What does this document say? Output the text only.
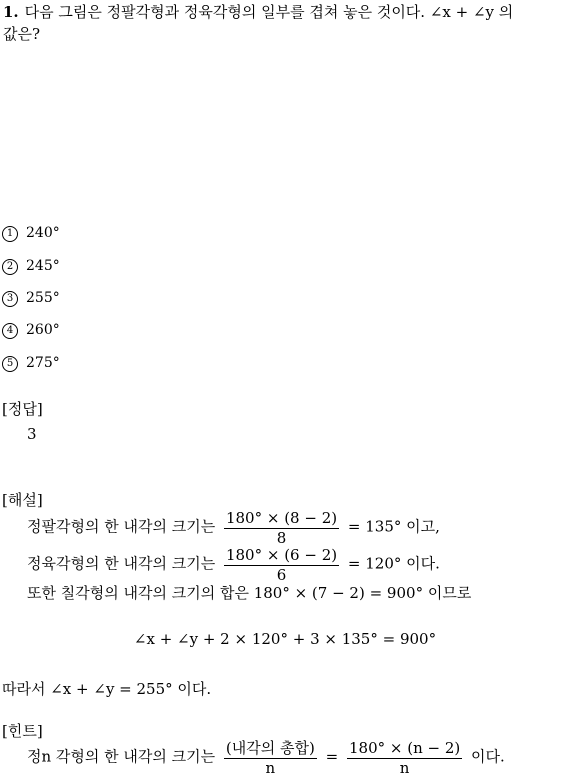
1. 다음 그림은 정팔각형과 정육각형의 일부를 겹쳐 놓은 것이다. ∠x + ∠y 의
값은?
1 240°
2 245°
3 255°
4 260°
5 275°
[정답]
3
[해설]
정팔각형의 한 내각의 크기는 $\frac{180^\circ \times (8 - 2)}{8} = 135^\circ$ 이고,
정육각형의 한 내각의 크기는 $\frac{180^\circ \times (6 - 2)}{6} = 120^\circ$ 이다.
또한 칠각형의 내각의 크기의 합은 180° × (7 − 2) = 900° 이므로
∠x + ∠y + 2 × 120° + 3 × 135° = 900°
따라서 ∠x + ∠y = 255° 이다.
[힌트]
정n 각형의 한 내각의 크기는 $\frac{\text{(내각의 총합)}}{n} = \frac{180^\circ \times (n - 2)}{n}$ 이다.
